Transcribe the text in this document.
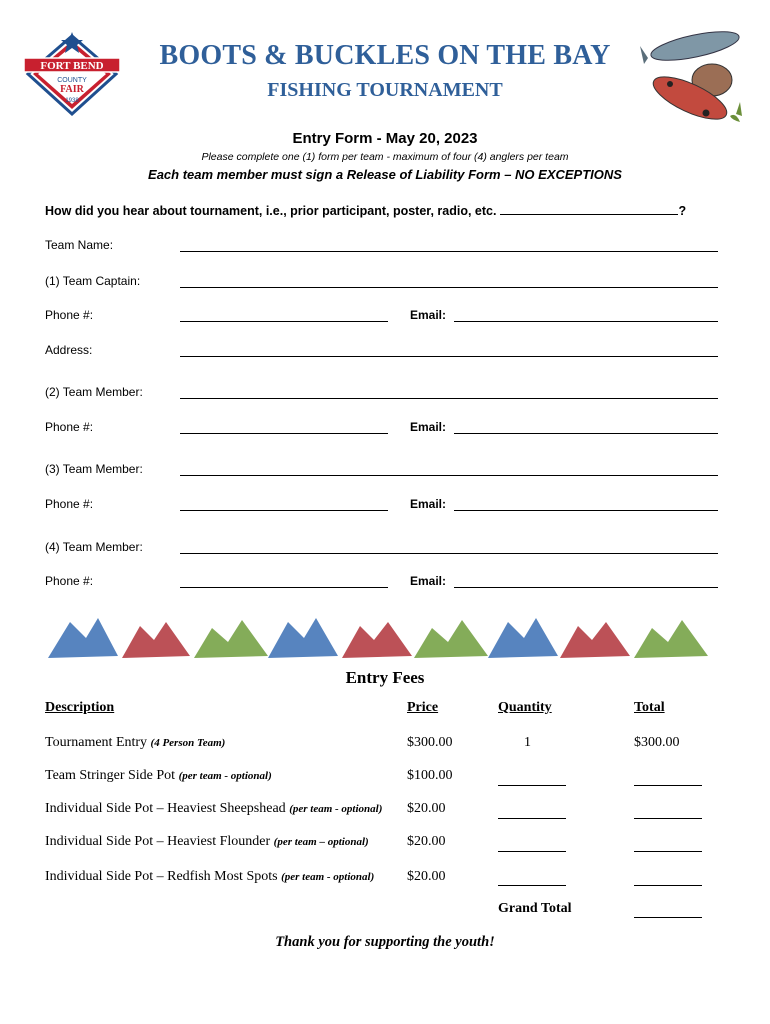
FORT BEND
COUNTY
FAIR
1938
BOOTS & BUCKLES ON THE BAY
FISHING TOURNAMENT
Entry Form - May 20, 2023
Please complete one (1) form per team - maximum of four (4) anglers per team
Each team member must sign a Release of Liability Form – NO EXCEPTIONS
How did you hear about tournament, i.e., prior participant, poster, radio, etc.	?
Team Name:
(1) Team Captain:
Phone #:	Email:
Address:
(2) Team Member:
Phone #:	Email:
(3) Team Member:
Phone #:	Email:
(4) Team Member:
Phone #:	Email:
Entry Fees
Description	Price	Quantity	Total
Tournament Entry (4 Person Team)	$300.00	1	$300.00
Team Stringer Side Pot (per team - optional)	$100.00
Individual Side Pot – Heaviest Sheepshead (per team - optional) $20.00
Individual Side Pot – Heaviest Flounder (per team – optional)	$20.00
Individual Side Pot – Redfish Most Spots (per team - optional) $20.00
Grand Total
Thank you for supporting the youth!
